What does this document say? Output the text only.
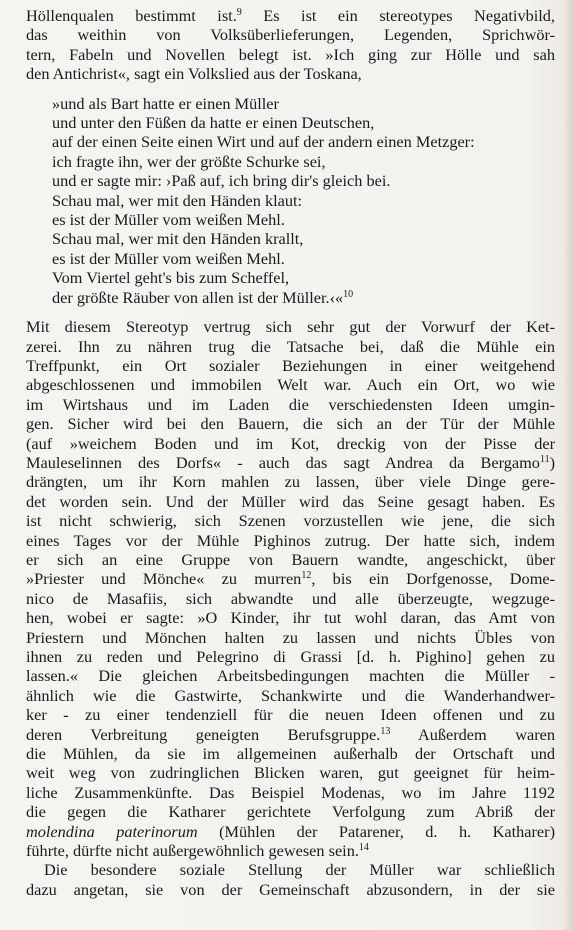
Höllenqualen bestimmt ist.$^9$ Es ist ein stereotypes Negativbild,
das weithin von Volksüberlieferungen, Legenden, Sprichwör-
tern, Fabeln und Novellen belegt ist. »Ich ging zur Hölle und sah
den Antichrist«, sagt ein Volkslied aus der Toskana,
»und als Bart hatte er einen Müller
und unter den Füßen da hatte er einen Deutschen,
auf der einen Seite einen Wirt und auf der andern einen Metzger:
ich fragte ihn, wer der größte Schurke sei,
und er sagte mir: ›Paß auf, ich bring dir's gleich bei.
Schau mal, wer mit den Händen klaut:
es ist der Müller vom weißen Mehl.
Schau mal, wer mit den Händen krallt,
es ist der Müller vom weißen Mehl.
Vom Viertel geht's bis zum Scheffel,
der größte Räuber von allen ist der Müller.‹«$^{10}$
Mit diesem Stereotyp vertrug sich sehr gut der Vorwurf der Ket-
zerei. Ihn zu nähren trug die Tatsache bei, daß die Mühle ein
Treffpunkt, ein Ort sozialer Beziehungen in einer weitgehend
abgeschlossenen und immobilen Welt war. Auch ein Ort, wo wie
im Wirtshaus und im Laden die verschiedensten Ideen umgin-
gen. Sicher wird bei den Bauern, die sich an der Tür der Mühle
(auf »weichem Boden und im Kot, dreckig von der Pisse der
Mauleselinnen des Dorfs« - auch das sagt Andrea da Bergamo$^{11}$)
drängten, um ihr Korn mahlen zu lassen, über viele Dinge gere-
det worden sein. Und der Müller wird das Seine gesagt haben. Es
ist nicht schwierig, sich Szenen vorzustellen wie jene, die sich
eines Tages vor der Mühle Pighinos zutrug. Der hatte sich, indem
er sich an eine Gruppe von Bauern wandte, angeschickt, über
»Priester und Mönche« zu murren$^{12}$, bis ein Dorfgenosse, Dome-
nico de Masafiis, sich abwandte und alle überzeugte, wegzuge-
hen, wobei er sagte: »O Kinder, ihr tut wohl daran, das Amt von
Priestern und Mönchen halten zu lassen und nichts Übles von
ihnen zu reden und Pelegrino di Grassi [d. h. Pighino] gehen zu
lassen.« Die gleichen Arbeitsbedingungen machten die Müller -
ähnlich wie die Gastwirte, Schankwirte und die Wanderhandwer-
ker - zu einer tendenziell für die neuen Ideen offenen und zu
deren Verbreitung geneigten Berufsgruppe.$^{13}$ Außerdem waren
die Mühlen, da sie im allgemeinen außerhalb der Ortschaft und
weit weg von zudringlichen Blicken waren, gut geeignet für heim-
liche Zusammenkünfte. Das Beispiel Modenas, wo im Jahre 1192
die gegen die Katharer gerichtete Verfolgung zum Abriß der
molendina paterinorum (Mühlen der Patarener, d. h. Katharer)
führte, dürfte nicht außergewöhnlich gewesen sein.$^{14}$
Die besondere soziale Stellung der Müller war schließlich
dazu angetan, sie von der Gemeinschaft abzusondern, in der sie
